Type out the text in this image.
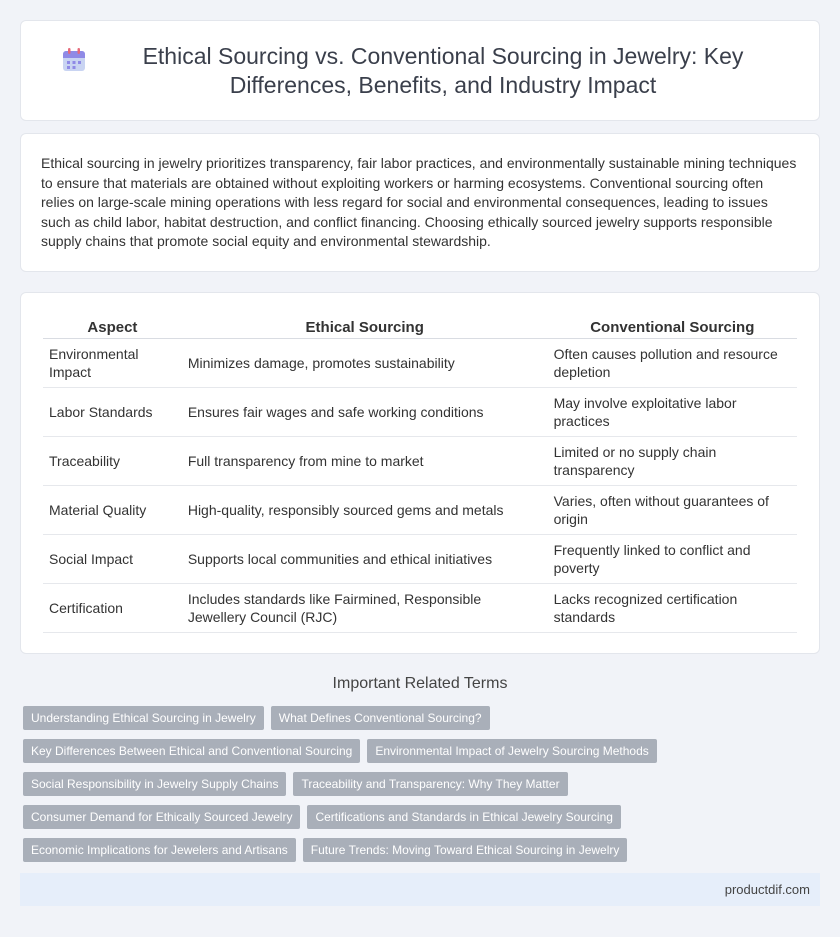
Ethical Sourcing vs. Conventional Sourcing in Jewelry: Key Differences, Benefits, and Industry Impact

Ethical sourcing in jewelry prioritizes transparency, fair labor practices, and environmentally sustainable mining techniques to ensure that materials are obtained without exploiting workers or harming ecosystems. Conventional sourcing often relies on large-scale mining operations with less regard for social and environmental consequences, leading to issues such as child labor, habitat destruction, and conflict financing. Choosing ethically sourced jewelry supports responsible supply chains that promote social equity and environmental stewardship.

Aspect	Ethical Sourcing	Conventional Sourcing
Environmental Impact	Minimizes damage, promotes sustainability	Often causes pollution and resource depletion
Labor Standards	Ensures fair wages and safe working conditions	May involve exploitative labor practices
Traceability	Full transparency from mine to market	Limited or no supply chain transparency
Material Quality	High-quality, responsibly sourced gems and metals	Varies, often without guarantees of origin
Social Impact	Supports local communities and ethical initiatives	Frequently linked to conflict and poverty
Certification	Includes standards like Fairmined, Responsible Jewellery Council (RJC)	Lacks recognized certification standards
Important Related Terms
Understanding Ethical Sourcing in Jewelry	What Defines Conventional Sourcing?
Key Differences Between Ethical and Conventional Sourcing	Environmental Impact of Jewelry Sourcing Methods
Social Responsibility in Jewelry Supply Chains	Traceability and Transparency: Why They Matter
Consumer Demand for Ethically Sourced Jewelry	Certifications and Standards in Ethical Jewelry Sourcing
Economic Implications for Jewelers and Artisans	Future Trends: Moving Toward Ethical Sourcing in Jewelry
productdif.com
